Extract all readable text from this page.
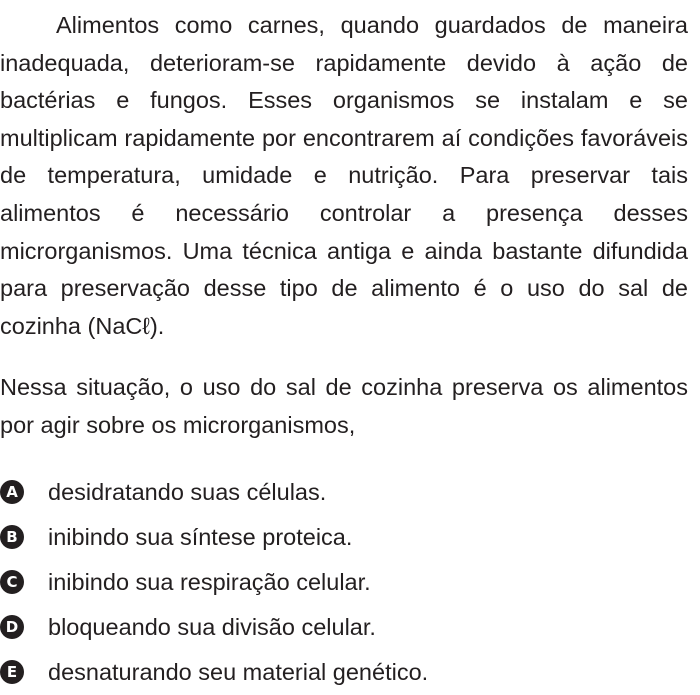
Alimentos como carnes, quando guardados de maneira inadequada, deterioram-se rapidamente devido à ação de bactérias e fungos. Esses organismos se instalam e se multiplicam rapidamente por encontrarem aí condições favoráveis de temperatura, umidade e nutrição. Para preservar tais alimentos é necessário controlar a presença desses microrganismos. Uma técnica antiga e ainda bastante difundida para preservação desse tipo de alimento é o uso do sal de cozinha (NaCℓ).

Nessa situação, o uso do sal de cozinha preserva os alimentos por agir sobre os microrganismos,

A desidratando suas células.
B inibindo sua síntese proteica.
C inibindo sua respiração celular.
D bloqueando sua divisão celular.
E desnaturando seu material genético.
